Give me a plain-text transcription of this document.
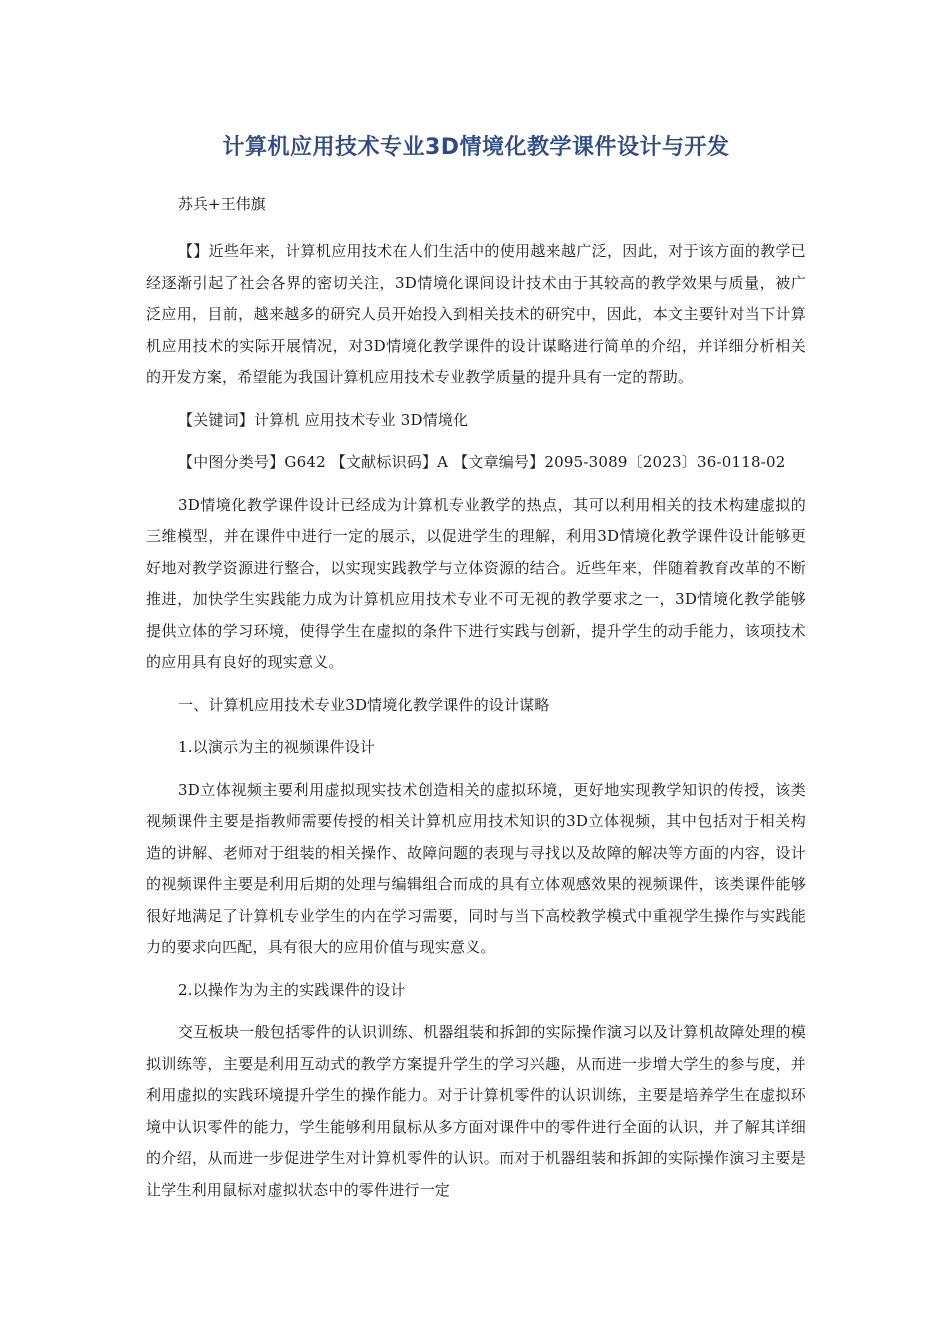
计算机应用技术专业3D情境化教学课件设计与开发
苏兵+王伟旗

【】近些年来，计算机应用技术在人们生活中的使用越来越广泛，因此，对于该方面的教学已经逐渐引起了社会各界的密切关注，3D情境化课间设计技术由于其较高的教学效果与质量，被广泛应用，目前，越来越多的研究人员开始投入到相关技术的研究中，因此，本文主要针对当下计算机应用技术的实际开展情况，对3D情境化教学课件的设计谋略进行简单的介绍，并详细分析相关的开发方案，希望能为我国计算机应用技术专业教学质量的提升具有一定的帮助。

【关键词】计算机 应用技术专业 3D情境化

【中图分类号】G642 【文献标识码】A 【文章编号】2095-3089〔2023〕36-0118-02

3D情境化教学课件设计已经成为计算机专业教学的热点，其可以利用相关的技术构建虚拟的三维模型，并在课件中进行一定的展示，以促进学生的理解，利用3D情境化教学课件设计能够更好地对教学资源进行整合，以实现实践教学与立体资源的结合。近些年来，伴随着教育改革的不断推进，加快学生实践能力成为计算机应用技术专业不可无视的教学要求之一，3D情境化教学能够提供立体的学习环境，使得学生在虚拟的条件下进行实践与创新，提升学生的动手能力，该项技术的应用具有良好的现实意义。

一、计算机应用技术专业3D情境化教学课件的设计谋略

1.以演示为主的视频课件设计

3D立体视频主要利用虚拟现实技术创造相关的虚拟环境，更好地实现教学知识的传授，该类视频课件主要是指教师需要传授的相关计算机应用技术知识的3D立体视频，其中包括对于相关构造的讲解、老师对于组装的相关操作、故障问题的表现与寻找以及故障的解决等方面的内容，设计的视频课件主要是利用后期的处理与编辑组合而成的具有立体观感效果的视频课件，该类课件能够很好地满足了计算机专业学生的内在学习需要，同时与当下高校教学模式中重视学生操作与实践能力的要求向匹配，具有很大的应用价值与现实意义。

2.以操作为为主的实践课件的设计

交互板块一般包括零件的认识训练、机器组装和拆卸的实际操作演习以及计算机故障处理的模拟训练等，主要是利用互动式的教学方案提升学生的学习兴趣，从而进一步增大学生的参与度，并利用虚拟的实践环境提升学生的操作能力。对于计算机零件的认识训练，主要是培养学生在虚拟环境中认识零件的能力，学生能够利用鼠标从多方面对课件中的零件进行全面的认识，并了解其详细的介绍，从而进一步促进学生对计算机零件的认识。而对于机器组装和拆卸的实际操作演习主要是让学生利用鼠标对虚拟状态中的零件进行一定
